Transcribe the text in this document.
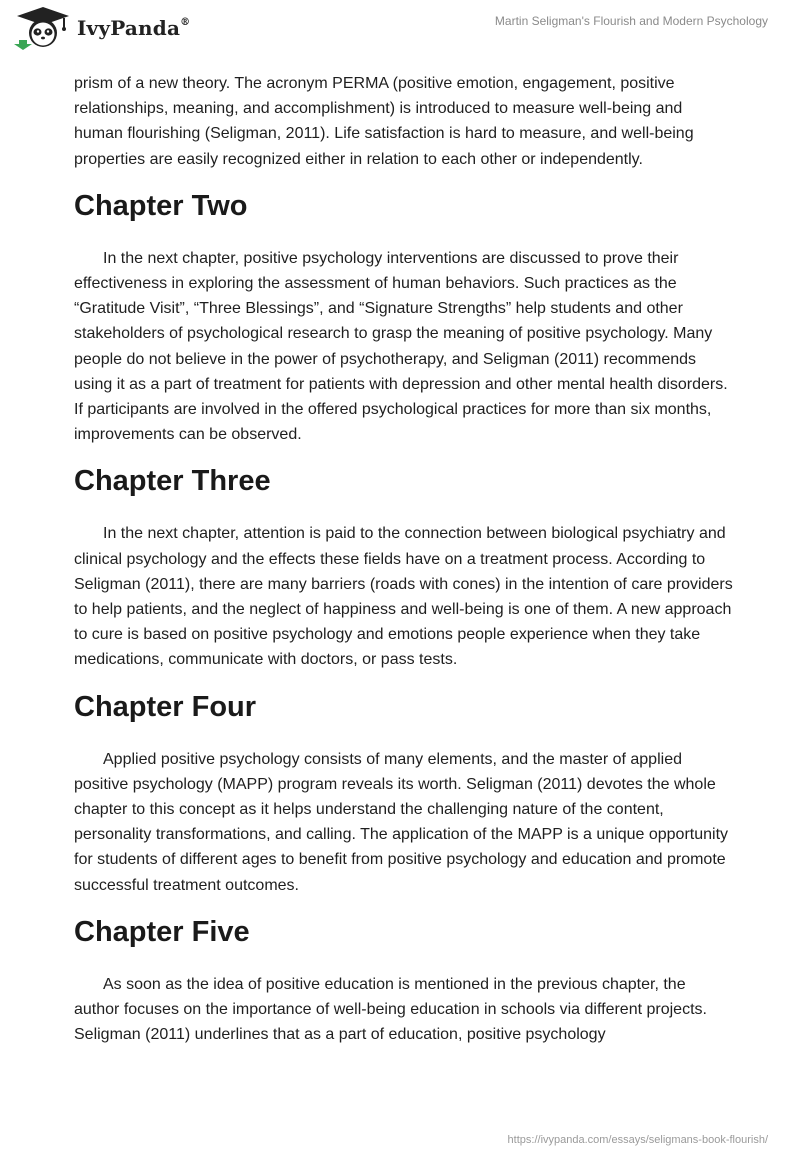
IvyPanda®	Martin Seligman's Flourish and Modern Psychology

prism of a new theory. The acronym PERMA (positive emotion, engagement, positive relationships, meaning, and accomplishment) is introduced to measure well-being and human flourishing (Seligman, 2011). Life satisfaction is hard to measure, and well-being properties are easily recognized either in relation to each other or independently.

Chapter Two

In the next chapter, positive psychology interventions are discussed to prove their effectiveness in exploring the assessment of human behaviors. Such practices as the “Gratitude Visit”, “Three Blessings”, and “Signature Strengths” help students and other stakeholders of psychological research to grasp the meaning of positive psychology. Many people do not believe in the power of psychotherapy, and Seligman (2011) recommends using it as a part of treatment for patients with depression and other mental health disorders. If participants are involved in the offered psychological practices for more than six months, improvements can be observed.

Chapter Three

In the next chapter, attention is paid to the connection between biological psychiatry and clinical psychology and the effects these fields have on a treatment process. According to Seligman (2011), there are many barriers (roads with cones) in the intention of care providers to help patients, and the neglect of happiness and well-being is one of them. A new approach to cure is based on positive psychology and emotions people experience when they take medications, communicate with doctors, or pass tests.

Chapter Four

Applied positive psychology consists of many elements, and the master of applied positive psychology (MAPP) program reveals its worth. Seligman (2011) devotes the whole chapter to this concept as it helps understand the challenging nature of the content, personality transformations, and calling. The application of the MAPP is a unique opportunity for students of different ages to benefit from positive psychology and education and promote successful treatment outcomes.

Chapter Five

As soon as the idea of positive education is mentioned in the previous chapter, the author focuses on the importance of well-being education in schools via different projects. Seligman (2011) underlines that as a part of education, positive psychology

https://ivypanda.com/essays/seligmans-book-flourish/
